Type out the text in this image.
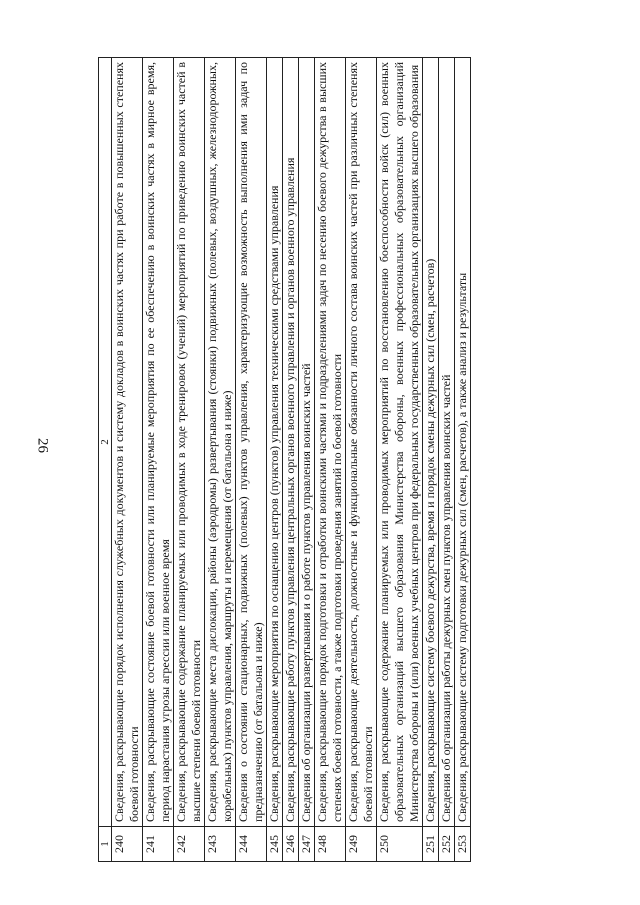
26
1	2
240	Сведения, раскрывающие порядок исполнения служебных документов и систему докладов в воинских частях при работе в повышенных степенях боевой готовности
241	Сведения, раскрывающие состояние боевой готовности или планируемые мероприятия по ее обеспечению в воинских частях в мирное время, период нарастания угрозы агрессии или военное время
242	Сведения, раскрывающие содержание планируемых или проводимых в ходе тренировок (учений) мероприятий по приведению воинских частей в высшие степени боевой готовности
243	Сведения, раскрывающие места дислокации, районы (аэродромы) развертывания (стоянки) подвижных (полевых, воздушных, железнодорожных, корабельных) пунктов управления, маршруты и перемещения (от батальона и ниже)
244	Сведения о состоянии стационарных, подвижных (полевых) пунктов управления, характеризующие возможность выполнения ими задач по предназначению (от батальона и ниже)
245	Сведения, раскрывающие мероприятия по оснащению центров (пунктов) управления техническими средствами управления
246	Сведения, раскрывающие работу пунктов управления центральных органов военного управления и органов военного управления
247	Сведения об организации развертывания и о работе пунктов управления воинских частей
248	Сведения, раскрывающие порядок подготовки и отработки воинскими частями и подразделениями задач по несению боевого дежурства в высших степенях боевой готовности, а также подготовки проведения занятий по боевой готовности
249	Сведения, раскрывающие деятельность, должностные и функциональные обязанности личного состава воинских частей при различных степенях боевой готовности
250	Сведения, раскрывающие содержание планируемых или проводимых мероприятий по восстановлению боеспособности войск (сил) военных образовательных организаций высшего образования Министерства обороны, военных профессиональных образовательных организаций Министерства обороны и (или) военных учебных центров при федеральных государственных образовательных организациях высшего образования
251	Сведения, раскрывающие систему боевого дежурства, время и порядок смены дежурных сил (смен, расчетов)
252	Сведения об организации работы дежурных смен пунктов управления воинских частей
253	Сведения, раскрывающие систему подготовки дежурных сил (смен, расчетов), а также анализ и результаты
